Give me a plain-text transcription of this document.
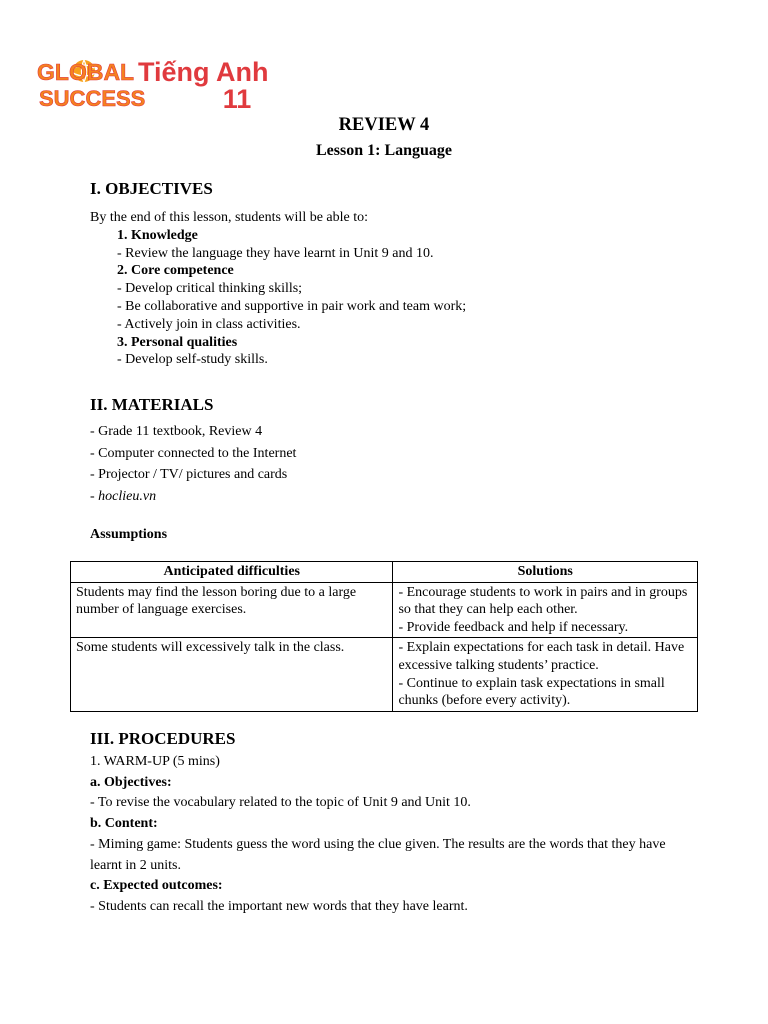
GLOBAL
SUCCESS
Tiếng Anh
11
REVIEW 4
Lesson 1: Language
I. OBJECTIVES
By the end of this lesson, students will be able to:
1. Knowledge
- Review the language they have learnt in Unit 9 and 10.
2. Core competence
- Develop critical thinking skills;
- Be collaborative and supportive in pair work and team work;
- Actively join in class activities.
3. Personal qualities
- Develop self-study skills.
II. MATERIALS
- Grade 11 textbook, Review 4
- Computer connected to the Internet
- Projector / TV/ pictures and cards
- hoclieu.vn
Assumptions
Anticipated difficulties	Solutions
Students may find the lesson boring due to a large number of language exercises.	- Encourage students to work in pairs and in groups so that they can help each other.
- Provide feedback and help if necessary.

Some students will excessively talk in the class.	- Explain expectations for each task in detail. Have excessive talking students’ practice.
- Continue to explain task expectations in small chunks (before every activity).
III. PROCEDURES
1. WARM-UP (5 mins)
a. Objectives:
- To revise the vocabulary related to the topic of Unit 9 and Unit 10.
b. Content:
- Miming game: Students guess the word using the clue given. The results are the words that they have learnt in 2 units.
c. Expected outcomes:
- Students can recall the important new words that they have learnt.
